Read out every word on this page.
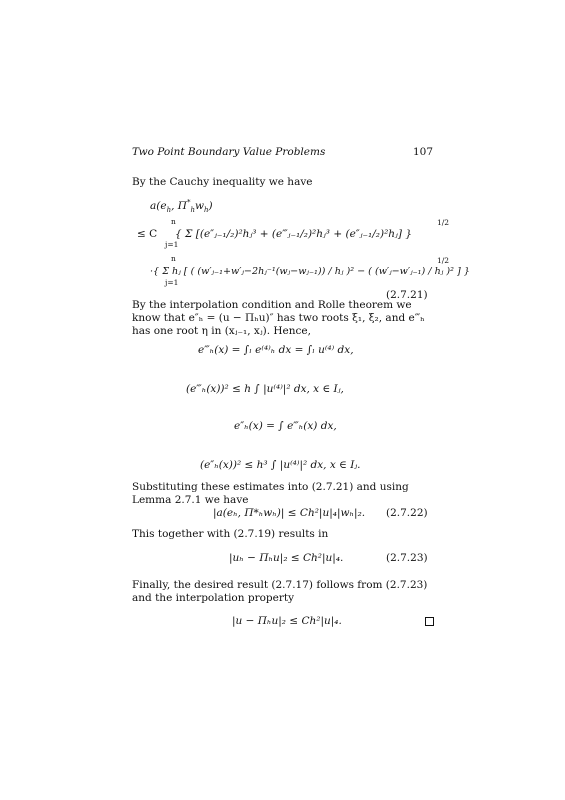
Two Point Boundary Value Problems	107
By the Cauchy inequality we have
$a(e_h$, $\Pi^*_hw_h$)
≤ C
n
j=1
{ Σ [(e″ⱼ₋₁/₂)²hⱼ³ + (e‴ⱼ₋₁/₂)²hⱼ³ + (e″ⱼ₋₁/₂)²hⱼ] }
1/2
n
j=1
·{ Σ hⱼ [ ( (w′ⱼ₋₁+w′ⱼ−2hⱼ⁻¹(wⱼ−wⱼ₋₁)) / hⱼ )² − ( (w′ⱼ−w′ⱼ₋₁) / hⱼ )² ] }
1/2
(2.7.21)
By the interpolation condition and Rolle theorem we know that e″ₕ = (u − Πₕu)″ has two roots ξ₁, ξ₂, and e‴ₕ has one root η in (xⱼ₋₁, xⱼ). Hence,
e‴ₕ(x) = ∫ₗ e⁽⁴⁾ₕ dx = ∫ₗ u⁽⁴⁾ dx,
(e‴ₕ(x))² ≤ h ∫ |u⁽⁴⁾|² dx, x ∈ Iⱼ,
e″ₕ(x) = ∫ e‴ₕ(x) dx,
(e″ₕ(x))² ≤ h³ ∫ |u⁽⁴⁾|² dx, x ∈ Iⱼ.
Substituting these estimates into (2.7.21) and using Lemma 2.7.1 we have
|a(eₕ, Π*ₕwₕ)| ≤ Ch²|u|₄|wₕ|₂. (2.7.22)
This together with (2.7.19) results in
|uₕ − Πₕu|₂ ≤ Ch²|u|₄.	(2.7.23)
Finally, the desired result (2.7.17) follows from (2.7.23) and the interpolation property
|u − Πₕu|₂ ≤ Ch²|u|₄.
